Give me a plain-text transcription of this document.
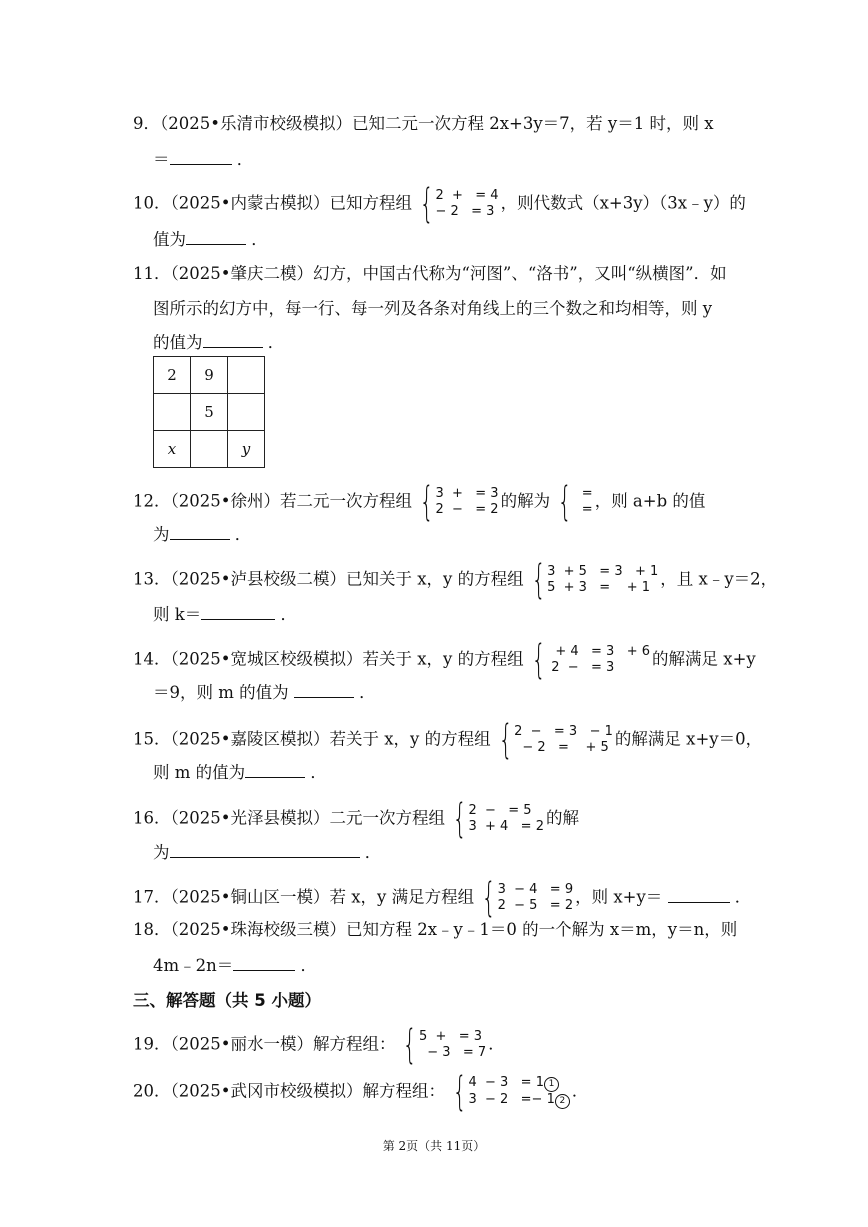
9．（2025•乐清市校级模拟）已知二元一次方程 2x+3y＝7，若 y＝1 时，则 x
＝	．
10．（2025•内蒙古模拟）已知方程组 { 2  +   = 4
− 2   = 3 ，则代数式（x+3y）（3x﹣y）的
值为	．
11．（2025•肇庆二模）幻方，中国古代称为“河图”、“洛书”，又叫“纵横图”．如
图所示的幻方中，每一行、每一列及各条对角线上的三个数之和均相等，则 y
的值为	．
2	9	
	5	
x		y
12．（2025•徐州）若二元一次方程组 { 3  +   = 3
2  −   = 2 的解为 { =
= ，则 a+b 的值
为	．
13．（2025•泸县校级二模）已知关于 x，y 的方程组 { 3  + 5   = 3   + 1
5  + 3   =    + 1 ，且 x﹣y＝2，
则 k＝	．
14．（2025•宽城区校级模拟）若关于 x，y 的方程组 { + 4   = 3   + 6
2  −   = 3	的解满足 x+y
＝9，则 m 的值为	．
15．（2025•嘉陵区模拟）若关于 x，y 的方程组 { 2  −   = 3   − 1
− 2   =    + 5 的解满足 x+y＝0，
则 m 的值为	．
16．（2025•光泽县模拟）二元一次方程组 { 2  −   = 5
3  + 4   = 2 的解
为	．
17．（2025•铜山区一模）若 x，y 满足方程组 { 3  − 4   = 9
2  − 5   = 2 ，则 x+y＝	．
18．（2025•珠海校级三模）已知方程 2x﹣y﹣1＝0 的一个解为 x＝m，y＝n，则
4m﹣2n＝	．
三、解答题（共 5 小题）
19．（2025•丽水一模）解方程组： { 5  +   = 3
− 3   = 7 ．
20．（2025•武冈市校级模拟）解方程组： { 4  − 3   = 1 1
3  − 2   =− 1 2
．
第 2页（共 11页）
